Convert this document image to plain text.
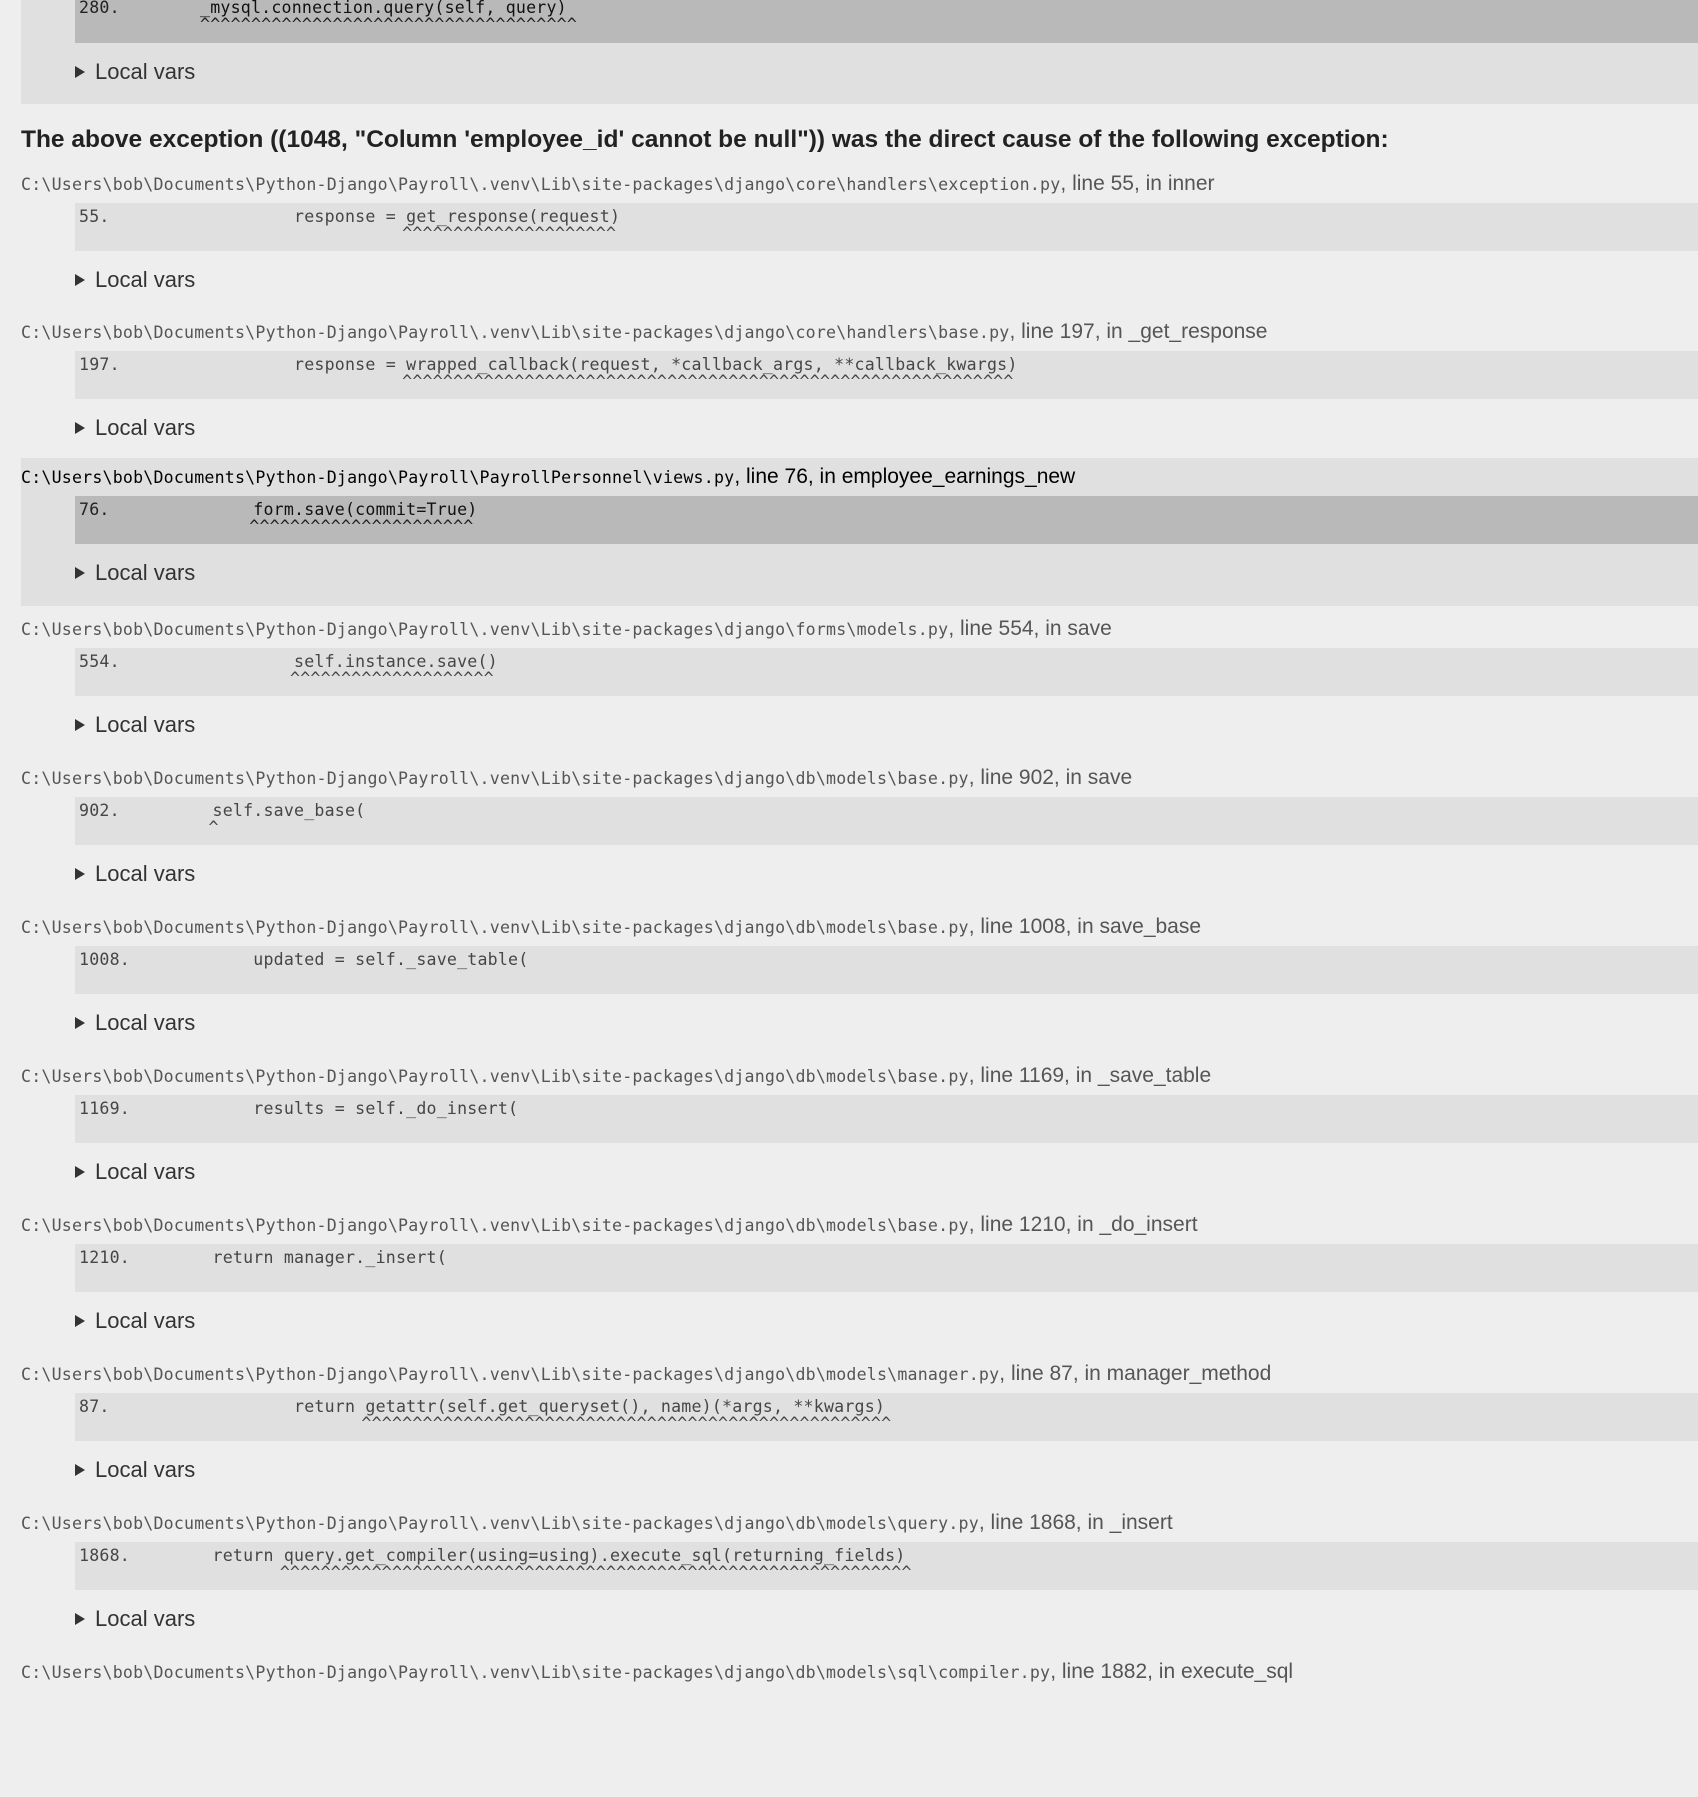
280.

	_mysql.connection.query(self, query)

^^^^^^^^^^^^^^^^^^^^^^^^^^^^^^^^^^^^^

Local vars
The above exception ((1048, "Column 'employee_id' cannot be null")) was the direct cause of the following exception:
C:\Users\bob\Documents\Python-Django\Payroll\.venv\Lib\site-packages\django\core\handlers\exception.py, line 55, in inner
55. response = get_response(request)
^^^^^^^^^^^^^^^^^^^^^
Local vars
C:\Users\bob\Documents\Python-Django\Payroll\.venv\Lib\site-packages\django\core\handlers\base.py, line 197, in _get_response
197. response = wrapped_callback(request, *callback_args, **callback_kwargs)
^^^^^^^^^^^^^^^^^^^^^^^^^^^^^^^^^^^^^^^^^^^^^^^^^^^^^^^^^^^^
Local vars
C:\Users\bob\Documents\Python-Django\Payroll\PayrollPersonnel\views.py, line 76, in employee_earnings_new
76. form.save(commit=True)
^^^^^^^^^^^^^^^^^^^^^^
Local vars
C:\Users\bob\Documents\Python-Django\Payroll\.venv\Lib\site-packages\django\forms\models.py, line 554, in save
554. self.instance.save()
^^^^^^^^^^^^^^^^^^^^
Local vars
C:\Users\bob\Documents\Python-Django\Payroll\.venv\Lib\site-packages\django\db\models\base.py, line 902, in save
902. self.save_base(
^
Local vars
C:\Users\bob\Documents\Python-Django\Payroll\.venv\Lib\site-packages\django\db\models\base.py, line 1008, in save_base
1008. updated = self._save_table(
Local vars
C:\Users\bob\Documents\Python-Django\Payroll\.venv\Lib\site-packages\django\db\models\base.py, line 1169, in _save_table
1169. results = self._do_insert(
Local vars
C:\Users\bob\Documents\Python-Django\Payroll\.venv\Lib\site-packages\django\db\models\base.py, line 1210, in _do_insert
1210. return manager._insert(
Local vars
C:\Users\bob\Documents\Python-Django\Payroll\.venv\Lib\site-packages\django\db\models\manager.py, line 87, in manager_method
87. return getattr(self.get_queryset(), name)(*args, **kwargs)
^^^^^^^^^^^^^^^^^^^^^^^^^^^^^^^^^^^^^^^^^^^^^^^^^^^^
Local vars
C:\Users\bob\Documents\Python-Django\Payroll\.venv\Lib\site-packages\django\db\models\query.py, line 1868, in _insert
1868. return query.get_compiler(using=using).execute_sql(returning_fields)
^^^^^^^^^^^^^^^^^^^^^^^^^^^^^^^^^^^^^^^^^^^^^^^^^^^^^^^^^^^^^^
Local vars
C:\Users\bob\Documents\Python-Django\Payroll\.venv\Lib\site-packages\django\db\models\sql\compiler.py, line 1882, in execute_sql
